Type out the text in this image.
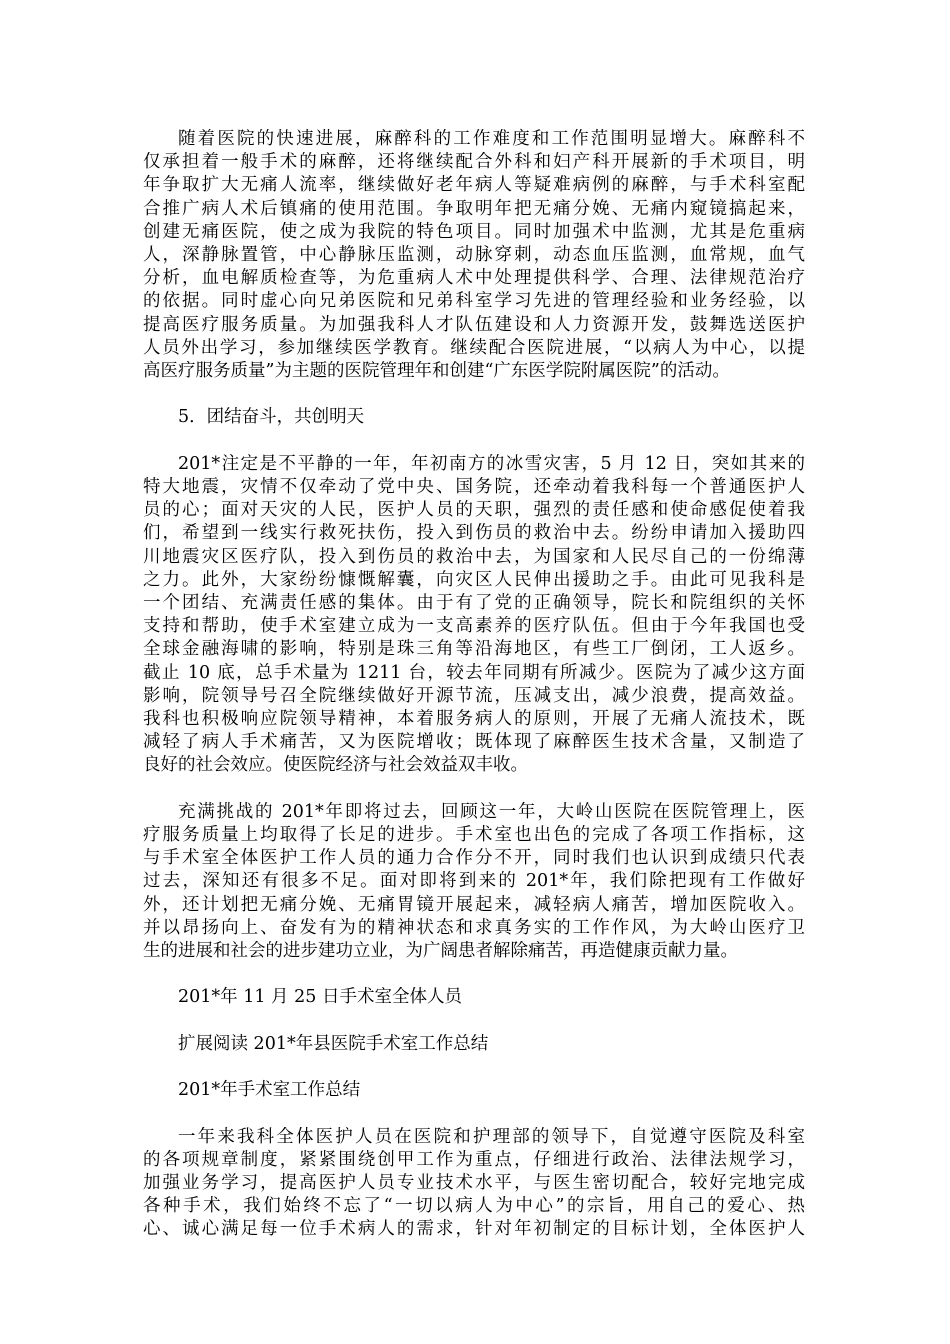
随着医院的快速进展，麻醉科的工作难度和工作范围明显增大。麻醉科不
仅承担着一般手术的麻醉，还将继续配合外科和妇产科开展新的手术项目，明
年争取扩大无痛人流率，继续做好老年病人等疑难病例的麻醉，与手术科室配
合推广病人术后镇痛的使用范围。争取明年把无痛分娩、无痛内窥镜搞起来，
创建无痛医院，使之成为我院的特色项目。同时加强术中监测，尤其是危重病
人，深静脉置管，中心静脉压监测，动脉穿刺，动态血压监测，血常规，血气
分析，血电解质检查等，为危重病人术中处理提供科学、合理、法律规范治疗
的依据。同时虚心向兄弟医院和兄弟科室学习先进的管理经验和业务经验，以
提高医疗服务质量。为加强我科人才队伍建设和人力资源开发，鼓舞选送医护
人员外出学习，参加继续医学教育。继续配合医院进展，“以病人为中心，以提
高医疗服务质量”为主题的医院管理年和创建“广东医学院附属医院”的活动。
5．团结奋斗，共创明天
201*注定是不平静的一年，年初南方的冰雪灾害，5 月 12 日，突如其来的
特大地震，灾情不仅牵动了党中央、国务院，还牵动着我科每一个普通医护人
员的心；面对天灾的人民，医护人员的天职，强烈的责任感和使命感促使着我
们，希望到一线实行救死扶伤，投入到伤员的救治中去。纷纷申请加入援助四
川地震灾区医疗队，投入到伤员的救治中去，为国家和人民尽自己的一份绵薄
之力。此外，大家纷纷慷慨解囊，向灾区人民伸出援助之手。由此可见我科是
一个团结、充满责任感的集体。由于有了党的正确领导，院长和院组织的关怀
支持和帮助，使手术室建立成为一支高素养的医疗队伍。但由于今年我国也受
全球金融海啸的影响，特别是珠三角等沿海地区，有些工厂倒闭，工人返乡。
截止 10 底，总手术量为 1211 台，较去年同期有所减少。医院为了减少这方面
影响，院领导号召全院继续做好开源节流，压减支出，减少浪费，提高效益。
我科也积极响应院领导精神，本着服务病人的原则，开展了无痛人流技术，既
减轻了病人手术痛苦，又为医院增收；既体现了麻醉医生技术含量，又制造了
良好的社会效应。使医院经济与社会效益双丰收。
充满挑战的 201*年即将过去，回顾这一年，大岭山医院在医院管理上，医
疗服务质量上均取得了长足的进步。手术室也出色的完成了各项工作指标，这
与手术室全体医护工作人员的通力合作分不开，同时我们也认识到成绩只代表
过去，深知还有很多不足。面对即将到来的 201*年，我们除把现有工作做好
外，还计划把无痛分娩、无痛胃镜开展起来，减轻病人痛苦，增加医院收入。
并以昂扬向上、奋发有为的精神状态和求真务实的工作作风，为大岭山医疗卫
生的进展和社会的进步建功立业，为广阔患者解除痛苦，再造健康贡献力量。
201*年 11 月 25 日手术室全体人员
扩展阅读 201*年县医院手术室工作总结
201*年手术室工作总结
一年来我科全体医护人员在医院和护理部的领导下，自觉遵守医院及科室
的各项规章制度，紧紧围绕创甲工作为重点，仔细进行政治、法律法规学习，
加强业务学习，提高医护人员专业技术水平，与医生密切配合，较好完地完成
各种手术，我们始终不忘了“一切以病人为中心”的宗旨，用自己的爱心、热
心、诚心满足每一位手术病人的需求，针对年初制定的目标计划，全体医护人
